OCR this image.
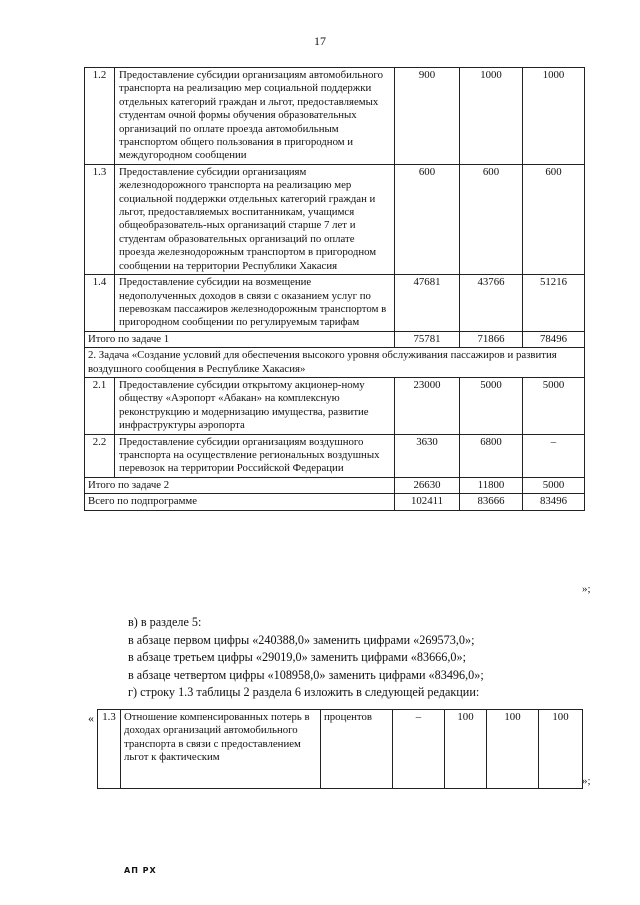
17
1.2	Предоставление субсидии организациям автомобильного транспорта на реализацию мер социальной поддержки отдельных категорий граждан и льгот, предоставляемых студентам очной формы обучения образовательных организаций по оплате проезда автомобильным транспортом общего пользования в пригородном и междугородном сообщении	900	1000	1000
1.3	Предоставление субсидии организациям железнодорожного транспорта на реализацию мер социальной поддержки отдельных категорий граждан и льгот, предоставляемых воспитанникам, учащимся общеобразователь-ных организаций старше 7 лет и студентам образовательных организаций по оплате проезда железнодорожным транспортом в пригородном сообщении на территории Республики Хакасия	600	600	600
1.4	Предоставление субсидии на возмещение недополученных доходов в связи с оказанием услуг по перевозкам пассажиров железнодорожным транспортом в пригородном сообщении по регулируемым тарифам	47681	43766	51216
Итого по задаче 1		75781	71866	78496
2. Задача «Создание условий для обеспечения высокого уровня обслуживания пассажиров и развития воздушного сообщения в Республике Хакасия»				
2.1	Предоставление субсидии открытому акционер-ному обществу «Аэропорт «Абакан» на комплексную реконструкцию и модернизацию имущества, развитие инфраструктуры аэропорта	23000	5000	5000
2.2	Предоставление субсидии организациям воздушного транспорта на осуществление региональных воздушных перевозок на территории Российской Федерации	3630	6800	–
Итого по задаче 2		26630	11800	5000
Всего по подпрограмме		102411	83666	83496
»;
в) в разделе 5:
в абзаце первом цифры «240388,0» заменить цифрами «269573,0»;
в абзаце третьем цифры «29019,0» заменить цифрами «83666,0»;
в абзаце четвертом цифры «108958,0» заменить цифрами «83496,0»;
г) строку 1.3 таблицы 2 раздела 6 изложить в следующей редакции:
« 1.3	Отношение компенсированных потерь в доходах организаций автомобильного транспорта в связи с предоставлением льгот к фактическим	процентов	–	100	100	100
»;
АП РХ
